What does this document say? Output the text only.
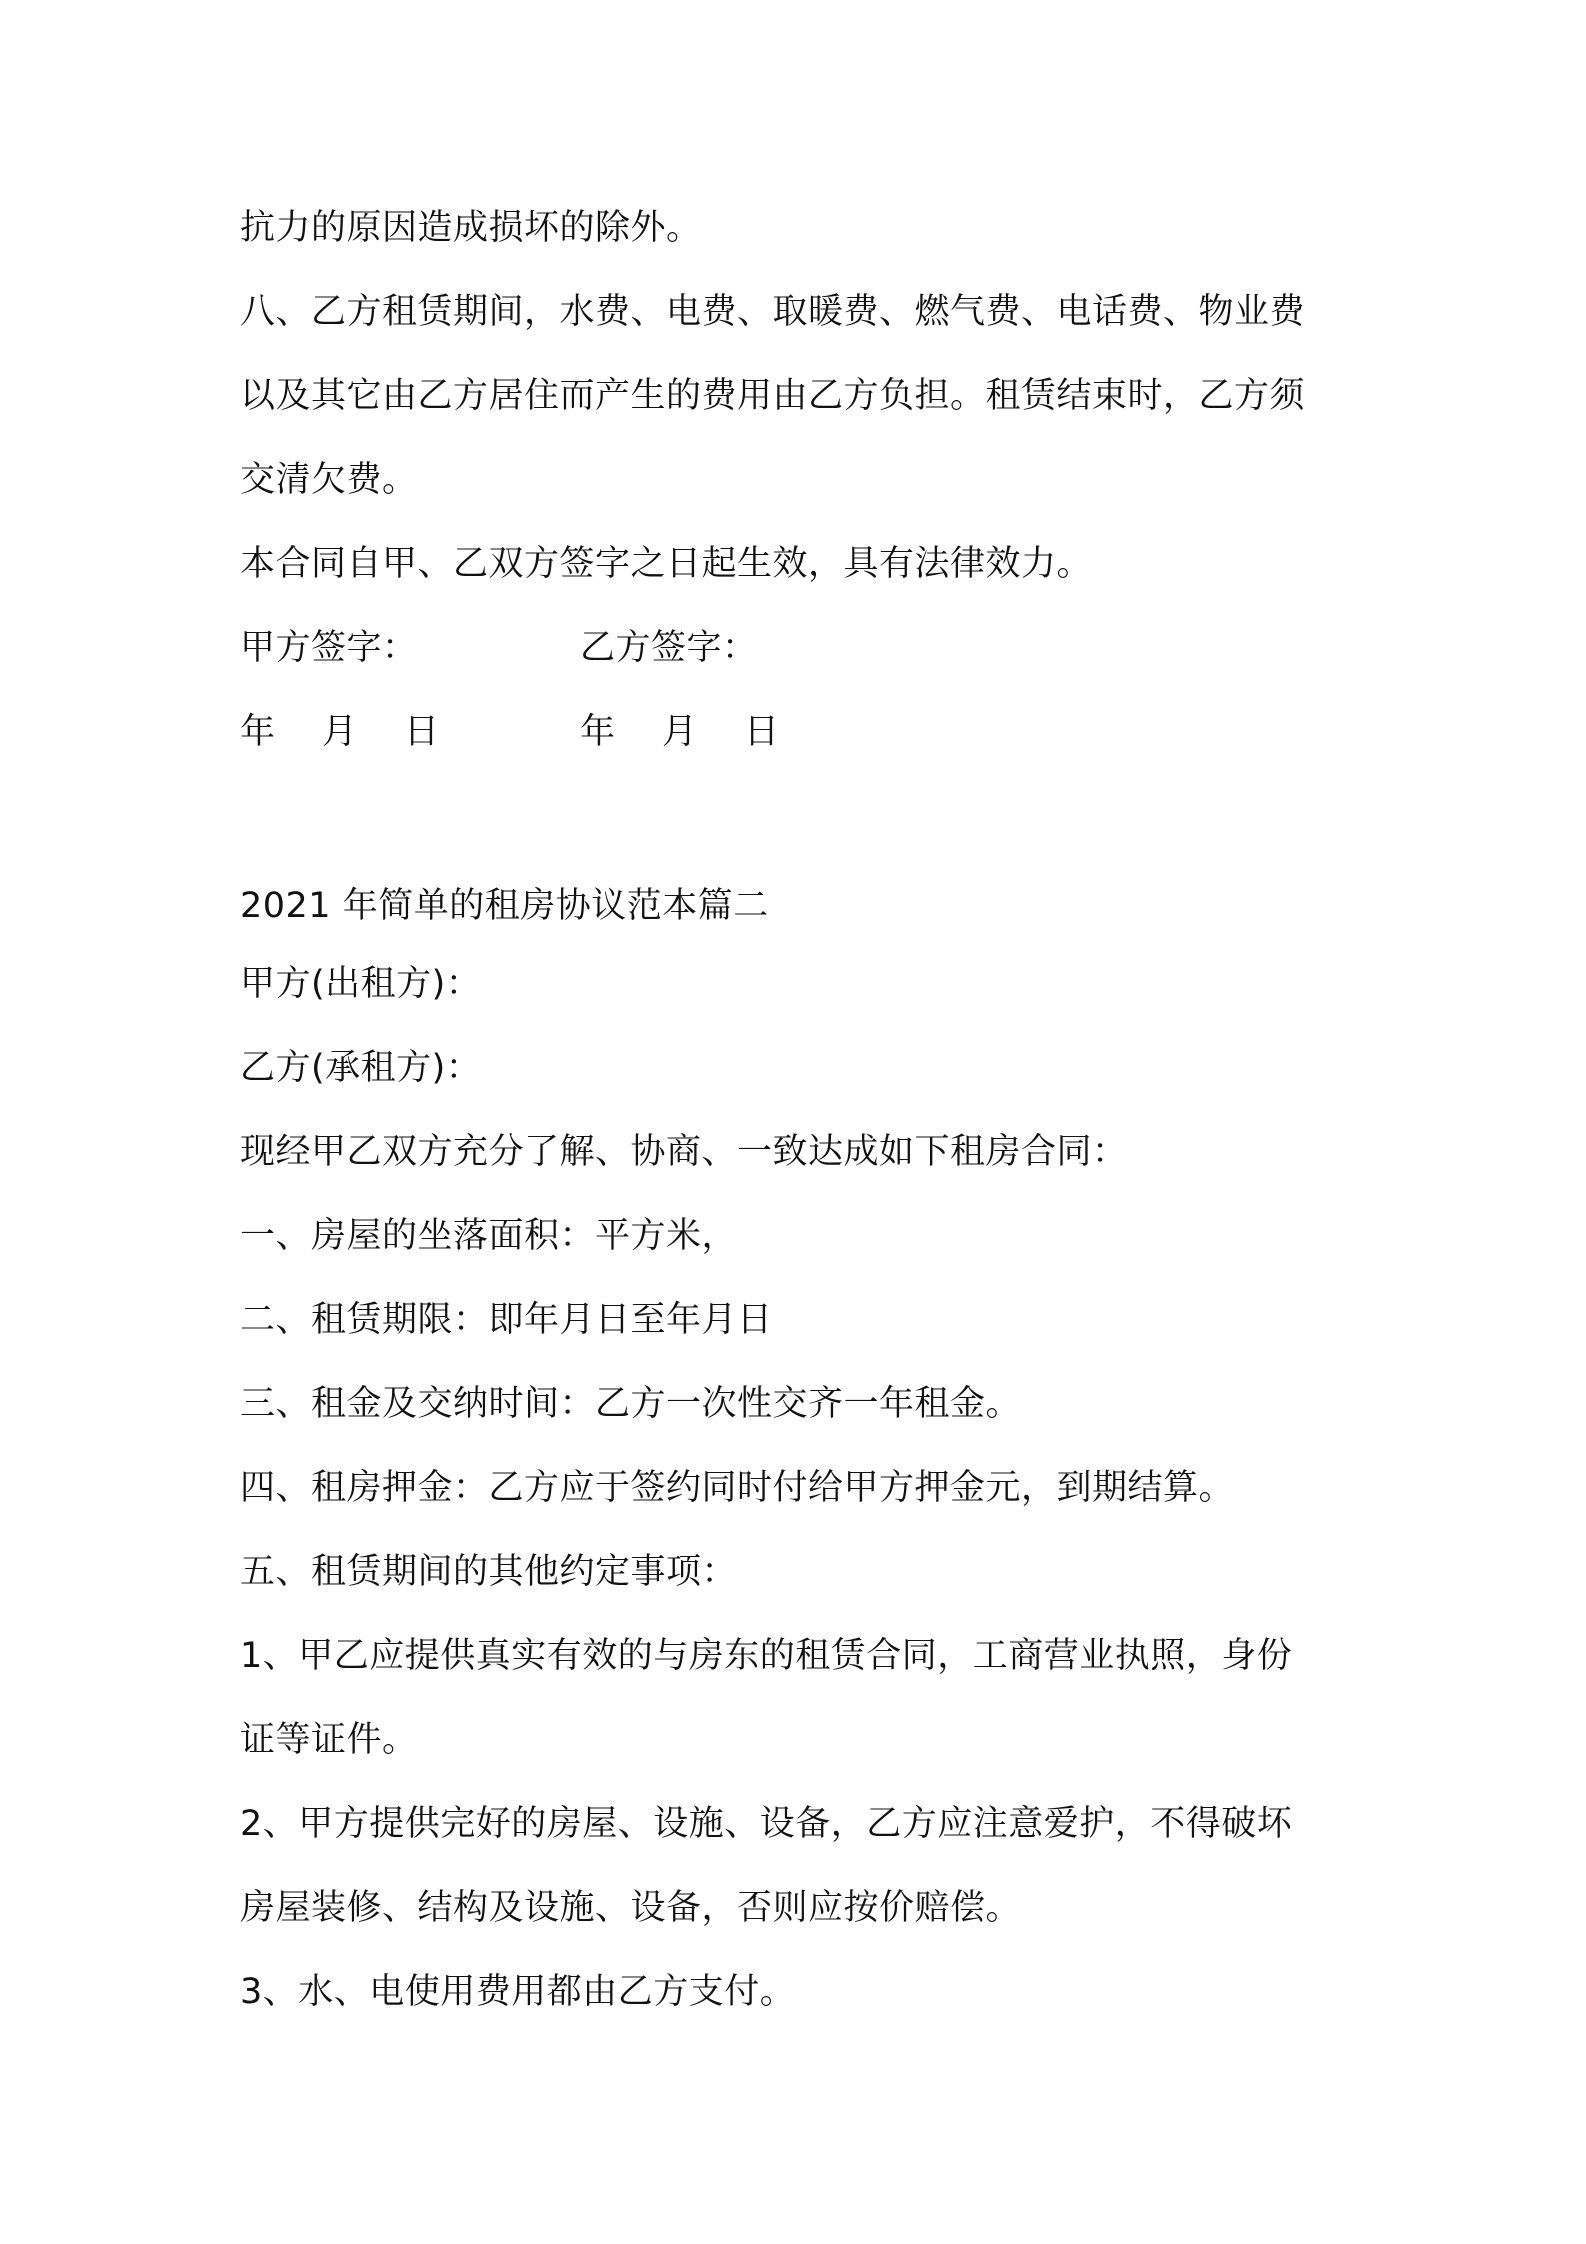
抗力的原因造成损坏的除外。
八、乙方租赁期间，水费、电费、取暖费、燃气费、电话费、物业费
以及其它由乙方居住而产生的费用由乙方负担。租赁结束时，乙方须
交清欠费。
本合同自甲、乙双方签字之日起生效，具有法律效力。
甲方签字：	乙方签字：
年    月    日	年    月    日
2021 年简单的租房协议范本篇二
甲方(出租方)：
乙方(承租方)：
现经甲乙双方充分了解、协商、一致达成如下租房合同：
一、房屋的坐落面积：平方米，
二、租赁期限：即年月日至年月日
三、租金及交纳时间：乙方一次性交齐一年租金。
四、租房押金：乙方应于签约同时付给甲方押金元，到期结算。
五、租赁期间的其他约定事项：
1、甲乙应提供真实有效的与房东的租赁合同，工商营业执照，身份
证等证件。
2、甲方提供完好的房屋、设施、设备，乙方应注意爱护，不得破坏
房屋装修、结构及设施、设备，否则应按价赔偿。
3、水、电使用费用都由乙方支付。
